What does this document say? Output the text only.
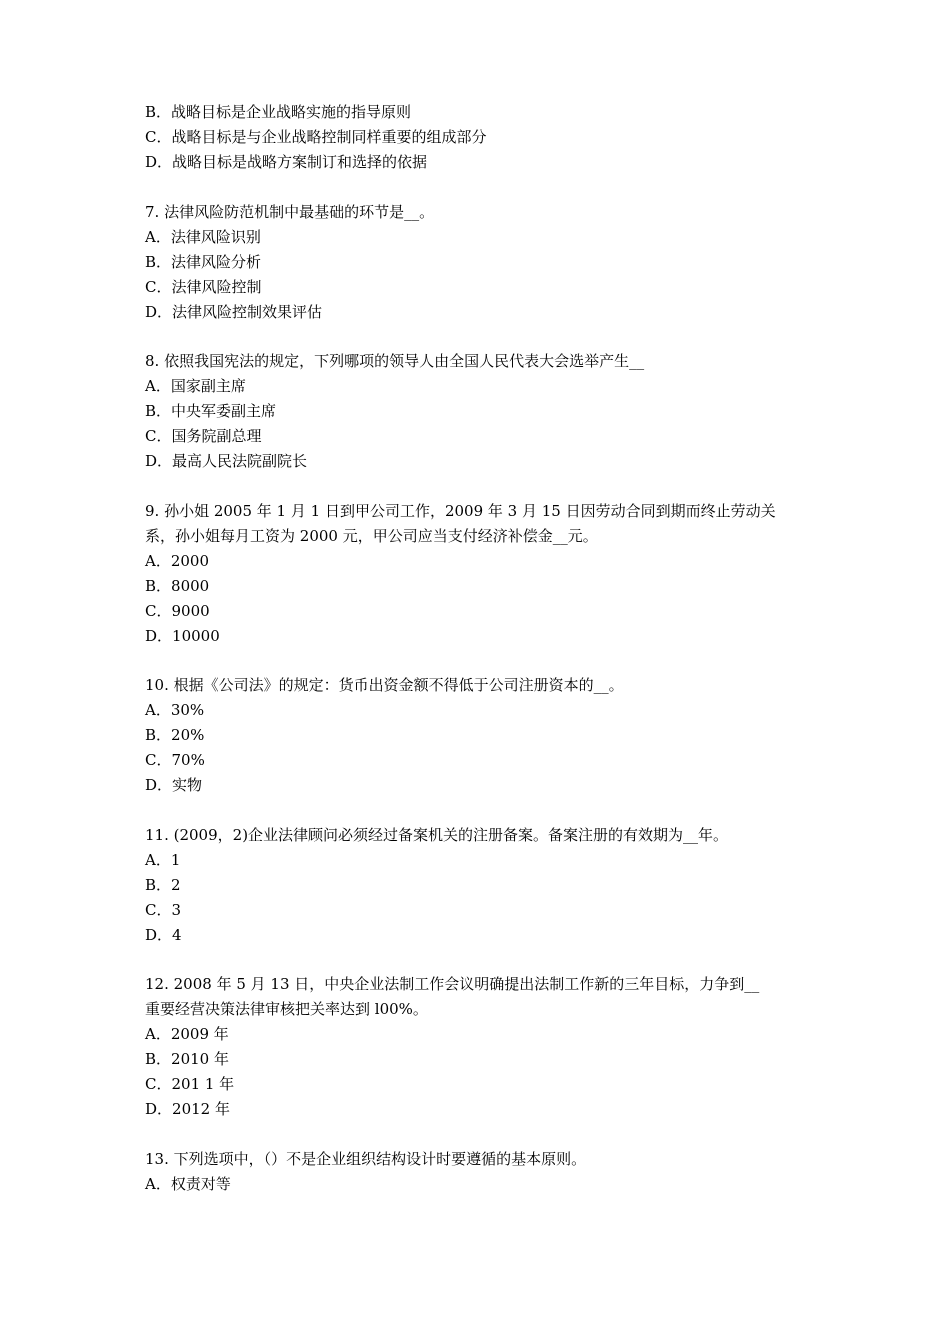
B．战略目标是企业战略实施的指导原则
C．战略目标是与企业战略控制同样重要的组成部分
D．战略目标是战略方案制订和选择的依据
7. 法律风险防范机制中最基础的环节是__。
A．法律风险识别
B．法律风险分析
C．法律风险控制
D．法律风险控制效果评估
8. 依照我国宪法的规定，下列哪项的领导人由全国人民代表大会选举产生__
A．国家副主席
B．中央军委副主席
C．国务院副总理
D．最高人民法院副院长
9. 孙小姐 2005 年 1 月 1 日到甲公司工作，2009 年 3 月 15 日因劳动合同到期而终止劳动关
系，孙小姐每月工资为 2000 元，甲公司应当支付经济补偿金__元。
A．2000
B．8000
C．9000
D．10000
10. 根据《公司法》的规定：货币出资金额不得低于公司注册资本的__。
A．30%
B．20%
C．70%
D．实物
11. (2009，2)企业法律顾问必须经过备案机关的注册备案。备案注册的有效期为__年。
A．1
B．2
C．3
D．4
12. 2008 年 5 月 13 日，中央企业法制工作会议明确提出法制工作新的三年目标，力争到__
重要经营决策法律审核把关率达到 l00%。
A．2009 年
B．2010 年
C．201 1 年
D．2012 年
13. 下列选项中，（）不是企业组织结构设计时要遵循的基本原则。
A．权责对等
